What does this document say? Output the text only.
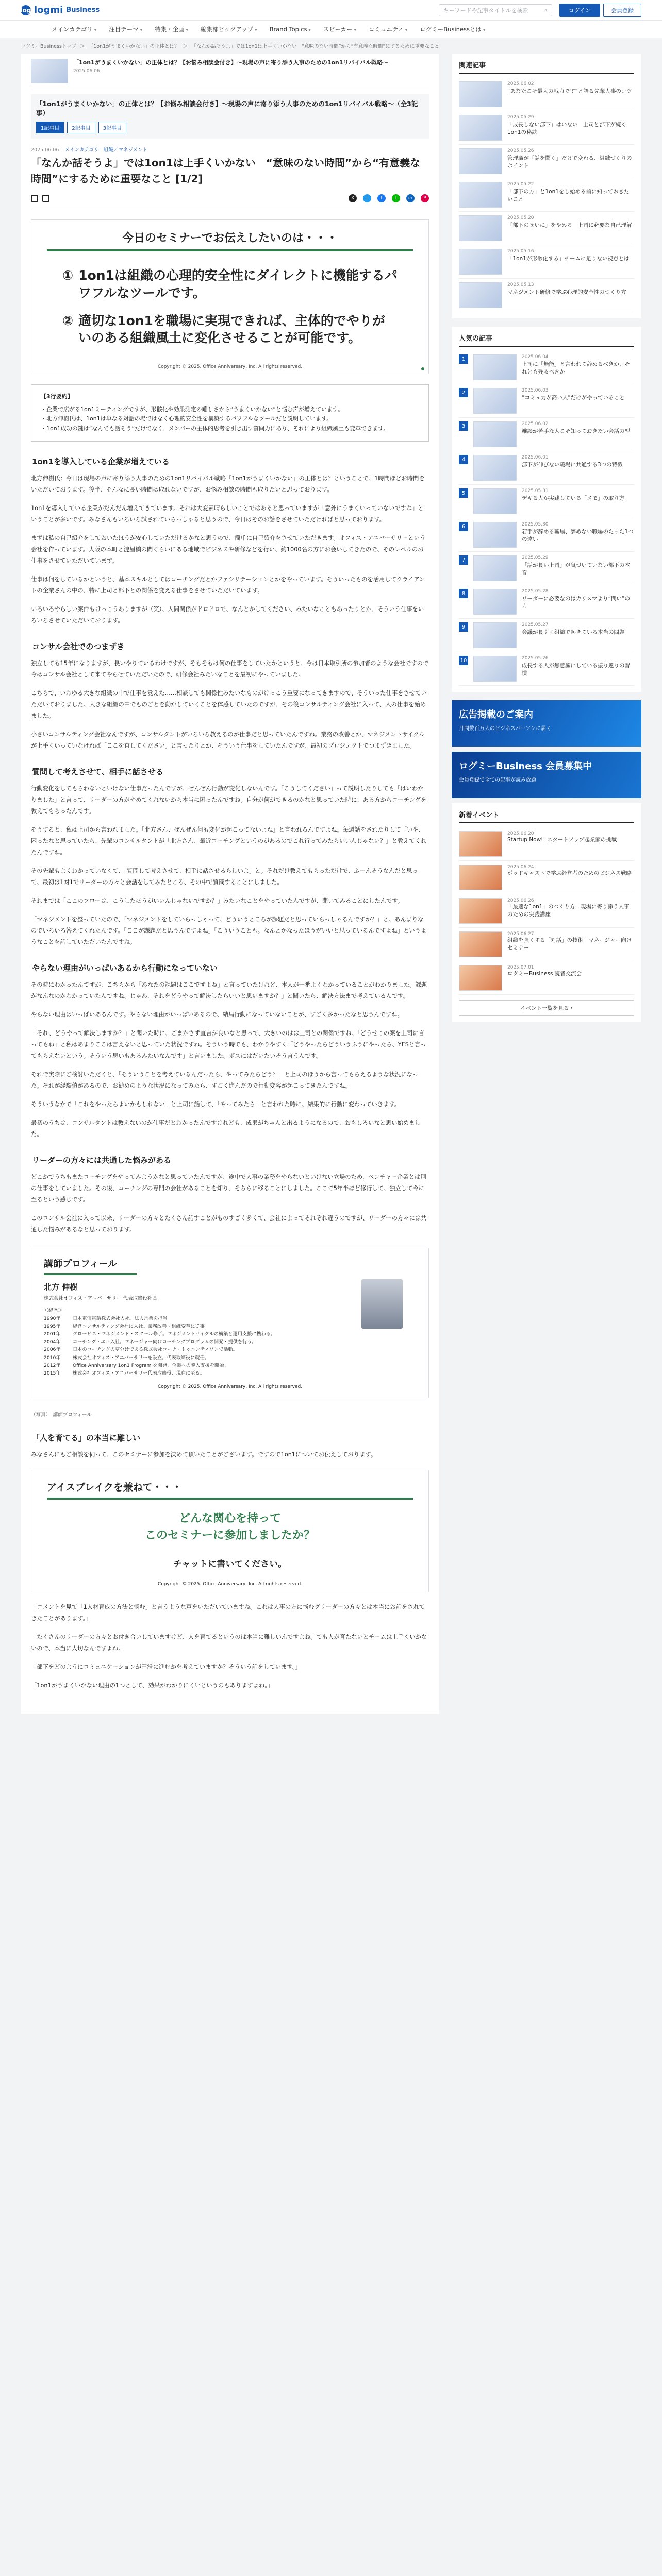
log logmi Business	キーワードや記事タイトルを検索	⌕	ログイン	会員登録
メインカテゴリ ▾	注目テーマ ▾	特集・企画 ▾	編集部ピックアップ ▾	Brand Topics ▾	スピーカー ▾	コミュニティ ▾	ログミーBusinessとは ▾
ログミーBusinessトップ ＞ 「1on1がうまくいかない」の正体とは？ ＞ 「なんか話そうよ」では1on1は上手くいかない　“意味のない時間”から“有意義な時間”にするために重要なこと
「1on1がうまくいかない」の正体とは？【お悩み相談会付き】～現場の声に寄り添う人事のための1on1リバイバル戦略～
2025.06.06
「1on1がうまくいかない」の正体とは？【お悩み相談会付き】～現場の声に寄り添う人事のための1on1リバイバル戦略～（全3記事）
1記事目	2記事目	3記事目
2025.06.06 メインカテゴリ：組織／マネジメント
「なんか話そうよ」では1on1は上手くいかない　“意味のない時間”から“有意義な時間”にするために重要なこと [1/2]
X	t	f	L	in	P
今日のセミナーでお伝えしたいのは・・・
① 1on1は組織の心理的安全性にダイレクトに機能するパワフルなツールです。
② 適切な1on1を職場に実現できれば、主体的でやりがいのある組織風土に変化させることが可能です。
Copyright © 2025. Office Anniversary, Inc. All rights reserved.
【3行要約】
・企業で広がる1on1ミーティングですが、形骸化や効果測定の難しさから“うまくいかない”と悩む声が増えています。
・北方伸樹氏は、1on1は単なる対話の場ではなく心理的安全性を構築するパワフルなツールだと説明しています。
・1on1成功の鍵は“なんでも話そう”だけでなく、メンバーの主体的思考を引き出す質問力にあり、それにより組織風土も変革できます。
1on1を導入している企業が増えている

北方伸樹氏：今日は現場の声に寄り添う人事のための1on1リバイバル戦略「1on1がうまくいかない」の正体とは？ということで、1時間ほどお時間をいただいております。後半、そんなに長い時間は取れないですが、お悩み相談の時間も取りたいと思っております。

1on1を導入している企業がだんだん増えてきています。それは大変素晴らしいことではあると思っていますが「意外にうまくいっていないですね」ということが多いです。みなさんもいろいろ試されていらっしゃると思うので、今日はそのお話をさせていただければと思っております。

まずは私の自己紹介をしておいたほうが安心していただけるかなと思うので、簡単に自己紹介をさせていただきます。オフィス・アニバーサリーという会社を作っています。大阪の本町と淀屋橋の間ぐらいにある地域でビジネスや研修などを行い、約1000名の方にお会いしてきたので、そのレベルのお仕事をさせていただいています。

仕事は何をしているかというと、基本スキルとしてはコーチングだとかファシリテーションとかをやっています。そういったものを活用してクライアントの企業さんの中の、特に上司と部下との関係を変える仕事をさせていただいています。

いろいろやらしい案件もけっこうありますが（笑）、人間関係がドロドロで、なんとかしてください、みたいなこともあったりとか、そういう仕事をいろいろさせていただいております。

コンサル会社でのつまずき

独立しても15年になりますが、長いやりているわけですが、そもそもは何の仕事をしていたかというと、今は日本取引所の参加者のような会社ですので今はコンサル会社として来てやらせていただいたので、研修会社みたいなことを最初にやっていました。

こちらで、いわゆる大きな組織の中で仕事を覚えた……相談しても関係性みたいなものがけっこう重要になってきますので、そういった仕事をさせていただいておりました。大きな組織の中でものごとを動かしていくことを体感していたのですが、その後コンサルティング会社に入って、人の仕事を始めました。

小さいコンサルティング会社なんですが、コンサルタントがいろいろ教えるのが仕事だと思っていたんですね。業務の改善とか、マネジメントサイクルが上手くいっていなければ「ここを直してください」と言ったりとか、そういう仕事をしていたんですが、最初のプロジェクトでつまずきました。

質問して考えさせて、相手に話させる

行動変化をしてもらわないといけない仕事だったんですが、ぜんぜん行動が変化しないんです。「こうしてください」って説明したりしても「はいわかりました」と言って、リーダーの方がやめてくれないから本当に困ったんですね。自分が何ができるのかなと思っていた時に、ある方からコーチングを教えてもらったんです。

そうすると、私は上司から言われました。「北方さん、ぜんぜん何も変化が起こってないよね」と言われるんですよね。毎週話をされたりして「いや、困ったなと思っていたら、先輩のコンサルタントが「北方さん、最近コーチングというのがあるのでこれ行ってみたらいいんじゃない？」と教えてくれたんですね。

その先輩もよくわかっていなくて、「質問して考えさせて、相手に話させるらしいよ」と。それだけ教えてもらっただけで、ふーんそうなんだと思って、最初は1対1でリーダーの方々と会話をしてみたところ、その中で質問することにしました。

それまでは「ここのフローは、こうしたほうがいいんじゃないですか？」みたいなことをやっていたんですが、聞いてみることにしたんです。

「マネジメントを整っていたので、「マネジメントをしていらっしゃって、どういうところが課題だと思っていらっしゃるんですか？」と。あんまりなのでいろいろ答えてくれたんです。「ここが課題だと思うんですよね」「こういうことも。なんとかなったほうがいいと思っているんですよね」というようなことを話していただいたんですね。

やらない理由がいっぱいあるから行動になっていない

その時にわかったんですが、こちらから「あなたの課題はここですよね」と言っていたけれど、本人が一番よくわかっていることがわかりました。課題がなんなのかわかっていたんですね。じゃあ、それをどうやって解決したらいいと思いますか？」と聞いたら、解決方法まで考えているんです。

やらない理由はいっぱいあるんです。やらない理由がいっぱいあるので、結局行動になっていないことが、すごく多かったなと思うんですね。

「それ、どうやって解決しますか？」と聞いた時に、ごまかさず直言が良いなと思って、大きいのはは上司との関係ですね。「どうせこの案を上司に言ってもね」と私はあまりここは言えないと思っていた状況ですね。そういう時でも、わかりやすく「どうやったらどういうふうにやったら、YESと言ってもらえないという。そういう思いもあるみたいなんです」と言いました。ボスにはだいたいそう言うんです。

それで実際にご検討いただくと、「そういうことを考えているんだったら、やってみたらどう？」と上司のほうから言ってもらえるような状況になった。それが経験値があるので、お勧めのような状況になってみたら、すごく進んだので行動変容が起こってきたんですね。

そういうなかで「これをやったらよいかもしれない」と上司に話して、「やってみたら」と言われた時に、結果的に行動に変わっていきます。

最初のうちは、コンサルタントは教えないのが仕事だとわかったんですけれども、成果がちゃんと出るようになるので、おもしろいなと思い始めました。

リーダーの方々には共通した悩みがある

どこかでうちもまたコーチングをやってみようかなと思っていたんですが、途中で人事の業務をやらないといけない立場のため、ベンチャー企業とは別の仕事をしていました。その後、コーチングの専門の会社があることを知り、そちらに移ることにしました。ここで5年半ほど修行して、独立して今に至るという感じです。

このコンサル会社に入って以来、リーダーの方々とたくさん話すことがものすごく多くて、会社によってそれぞれ違うのですが、リーダーの方々には共通した悩みがあるなと思っております。

講師プロフィール
北方 伸樹
株式会社オフィス・アニバーサリー 代表取締役社長
＜経歴＞
1990年	日本電信電話株式会社入社。法人営業を担当。
1995年	経営コンサルティング会社に入社。業務改善・組織変革に従事。
2001年	グロービス・マネジメント・スクール修了。マネジメントサイクルの構築と運用支援に携わる。
2004年	コーチング・エィ入社。マネージャー向けコーチングプログラムの開発・提供を行う。
2006年	日本のコーチングの草分けである株式会社コーチ・トゥエンティワンで活動。
2010年	株式会社オフィス・アニバーサリーを設立。代表取締役に就任。
2012年	Office Anniversary 1on1 Program を開発、企業への導入支援を開始。
2015年	株式会社オフィス・アニバーサリー代表取締役、現在に至る。
Copyright © 2025. Office Anniversary, Inc. All rights reserved.
（写真）　講師プロフィール
「人を育てる」の本当に難しい

みなさんにもご相談を伺って、このセミナーに参加を決めて頂いたことがございます。ですので1on1についてお伝えしております。

アイスブレイクを兼ねて・・・
どんな関心を持って
このセミナーに参加しましたか？
チャットに書いてください。
Copyright © 2025. Office Anniversary, Inc. All rights reserved.

「コメントを見て「1人材育成の方法と悩む」と言うような声をいただいていますね。これは人事の方に悩むグリーダーの方々とは本当にお話をされてきたことがあります。」

「たくさんのリーダーの方々とお付き合いしていますけど、人を育てるというのは本当に難しいんですよね。でも人が育たないとチームは上手くいかないので、本当に大切なんですよね。」

「部下をどのようにコミュニケーションが円滑に進むかを考えていますか？そういう話をしています。」

「1on1がうまくいかない理由の1つとして、効果がわかりにくいというのもありますよね。」

関連記事
2025.06.02
“あなたこそ最大の戦力です”と語る先輩人事のコツ
2025.05.29
「成長しない部下」はいない　上司と部下が続く1on1の秘訣
2025.05.26
管理職が「話を聞く」だけで変わる、組織づくりのポイント
2025.05.22
「部下の方」と1on1をし始める前に知っておきたいこと
2025.05.20
「部下のせいに」をやめる　上司に必要な自己理解
2025.05.16
「1on1が形骸化する」チームに足りない視点とは
2025.05.13
マネジメント研修で学ぶ心理的安全性のつくり方
人気の記事
1	2025.06.04
上司に「無能」と言われて辞めるべきか、それとも残るべきか
2	2025.06.03
“コミュ力が高い人”だけがやっていること
3	2025.06.02
雑談が苦手な人こそ知っておきたい会話の型
4	2025.06.01
部下が伸びない職場に共通する3つの特徴
5	2025.05.31
デキる人が実践している「メモ」の取り方
6	2025.05.30
若手が辞める職場、辞めない職場のたった1つの違い
7	2025.05.29
「話が長い上司」が気づいていない部下の本音
8	2025.05.28
リーダーに必要なのはカリスマより“問い”の力
9	2025.05.27
会議が長引く組織で起きている本当の問題
10	2025.05.26
成長する人が無意識にしている振り返りの習慣
広告掲載のご案内
月間数百万人のビジネスパーソンに届く
ログミーBusiness 会員募集中
会員登録で全ての記事が読み放題
新着イベント
2025.06.20
Startup Now!! スタートアップ起業家の挑戦
2025.06.24
ポッドキャストで学ぶ経営者のためのビジネス戦略
2025.06.26
「最適な1on1」のつくり方　現場に寄り添う人事のための実践講座
2025.06.27
組織を強くする「対話」の技術　マネージャー向けセミナー
2025.07.01
ログミーBusiness 読者交流会
イベント一覧を見る ›
